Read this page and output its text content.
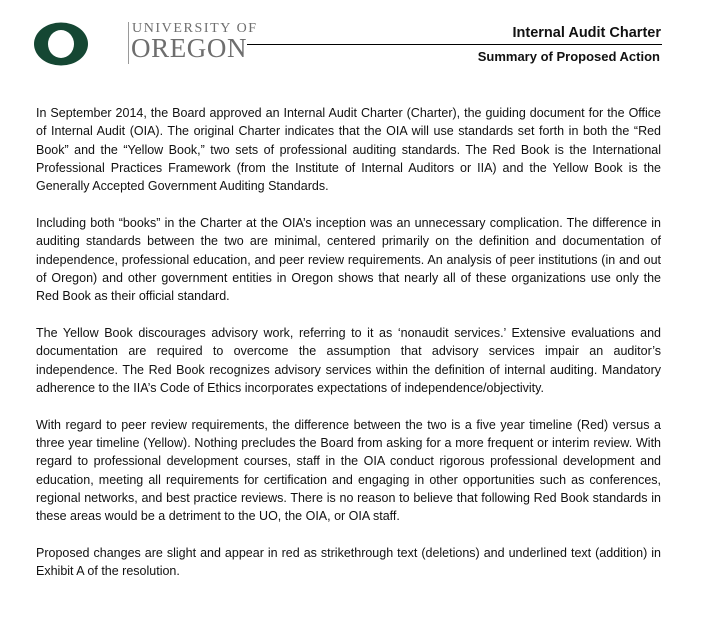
UNIVERSITY OF
OREGON	Internal Audit Charter
Summary of Proposed Action

In September 2014, the Board approved an Internal Audit Charter (Charter), the guiding document for the Office of Internal Audit (OIA). The original Charter indicates that the OIA will use standards set forth in both the “Red Book” and the “Yellow Book,” two sets of professional auditing standards. The Red Book is the International Professional Practices Framework (from the Institute of Internal Auditors or IIA) and the Yellow Book is the Generally Accepted Government Auditing Standards.

Including both “books” in the Charter at the OIA’s inception was an unnecessary complication. The difference in auditing standards between the two are minimal, centered primarily on the definition and documentation of independence, professional education, and peer review requirements. An analysis of peer institutions (in and out of Oregon) and other government entities in Oregon shows that nearly all of these organizations use only the Red Book as their official standard.

The Yellow Book discourages advisory work, referring to it as ‘nonaudit services.’ Extensive evaluations and documentation are required to overcome the assumption that advisory services impair an auditor’s independence. The Red Book recognizes advisory services within the definition of internal auditing. Mandatory adherence to the IIA’s Code of Ethics incorporates expectations of independence/objectivity.

With regard to peer review requirements, the difference between the two is a five year timeline (Red) versus a three year timeline (Yellow). Nothing precludes the Board from asking for a more frequent or interim review. With regard to professional development courses, staff in the OIA conduct rigorous professional development and education, meeting all requirements for certification and engaging in other opportunities such as conferences, regional networks, and best practice reviews. There is no reason to believe that following Red Book standards in these areas would be a detriment to the UO, the OIA, or OIA staff.

Proposed changes are slight and appear in red as strikethrough text (deletions) and underlined text (addition) in Exhibit A of the resolution.
